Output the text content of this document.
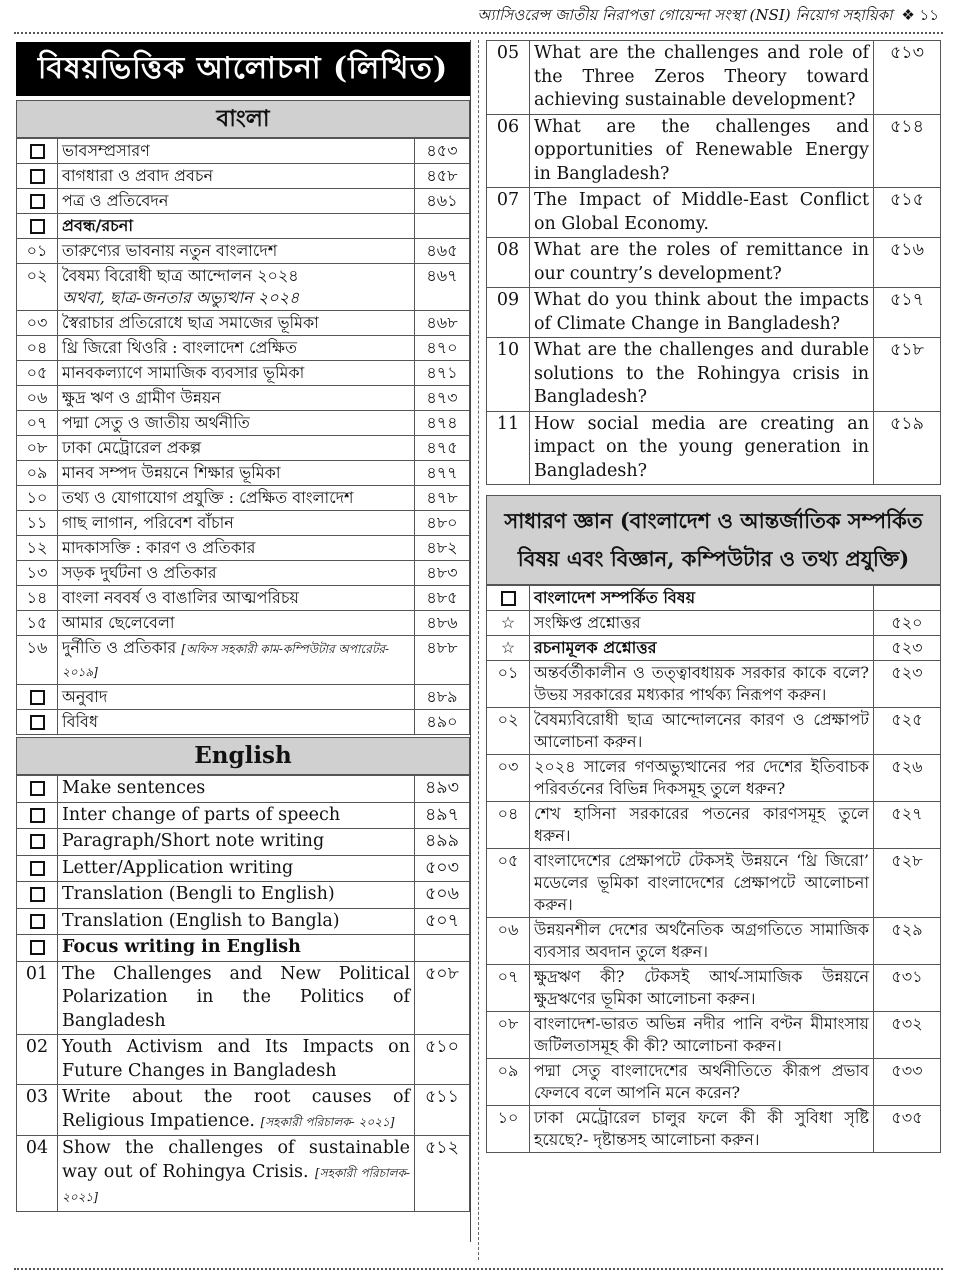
অ্যাসিওরেন্স জাতীয় নিরাপত্তা গোয়েন্দা সংস্থা (NSI) নিয়োগ সহায়িকা ❖ ১১
বিষয়ভিত্তিক আলোচনা (লিখিত)
বাংলা
	ভাবসম্প্রসারণ	৪৫৩
	বাগধারা ও প্রবাদ প্রবচন	৪৫৮
	পত্র ও প্রতিবেদন	৪৬১
	প্রবন্ধ/রচনা	
০১	তারুণ্যের ভাবনায় নতুন বাংলাদেশ	৪৬৫
০২	বৈষম্য বিরোধী ছাত্র আন্দোলন ২০২৪
অথবা, ছাত্র-জনতার অভ্যুত্থান ২০২৪	৪৬৭
০৩	স্বৈরাচার প্রতিরোধে ছাত্র সমাজের ভূমিকা	৪৬৮
০৪	থ্রি জিরো থিওরি : বাংলাদেশ প্রেক্ষিত	৪৭০
০৫	মানবকল্যাণে সামাজিক ব্যবসার ভূমিকা	৪৭১
০৬	ক্ষুদ্র ঋণ ও গ্রামীণ উন্নয়ন	৪৭৩
০৭	পদ্মা সেতু ও জাতীয় অর্থনীতি	৪৭৪
০৮	ঢাকা মেট্রোরেল প্রকল্প	৪৭৫
০৯	মানব সম্পদ উন্নয়নে শিক্ষার ভূমিকা	৪৭৭
১০	তথ্য ও যোগাযোগ প্রযুক্তি : প্রেক্ষিত বাংলাদেশ	৪৭৮
১১	গাছ লাগান, পরিবেশ বাঁচান	৪৮০
১২	মাদকাসক্তি : কারণ ও প্রতিকার	৪৮২
১৩	সড়ক দুর্ঘটনা ও প্রতিকার	৪৮৩
১৪	বাংলা নববর্ষ ও বাঙালির আত্মপরিচয়	৪৮৫
১৫	আমার ছেলেবেলা	৪৮৬
১৬	দুর্নীতি ও প্রতিকার [অফিস সহকারী কাম-কম্পিউটার অপারেটর- ২০১৯]	৪৮৮
	অনুবাদ	৪৮৯
	বিবিধ	৪৯০
English
	Make sentences	৪৯৩
	Inter change of parts of speech	৪৯৭
	Paragraph/Short note writing	৪৯৯
	Letter/Application writing	৫০৩
	Translation (Bengli to English)	৫০৬
	Translation (English to Bangla)	৫০৭
	Focus writing in English	
01	The Challenges and New Political Polarization in the Politics of Bangladesh	৫০৮
02	Youth Activism and Its Impacts on Future Changes in Bangladesh	৫১০
03	Write about the root causes of Religious Impatience. [সহকারী পরিচালক- ২০২১]	৫১১
04	Show the challenges of sustainable way out of Rohingya Crisis. [সহকারী পরিচালক- ২০২১]	৫১২
05	What are the challenges and role of the Three Zeros Theory toward achieving sustainable development?	৫১৩
06	What are the challenges and opportunities of Renewable Energy in Bangladesh?	৫১৪
07	The Impact of Middle-East Conflict on Global Economy.	৫১৫
08	What are the roles of remittance in our country’s development?	৫১৬
09	What do you think about the impacts of Climate Change in Bangladesh?	৫১৭
10	What are the challenges and durable solutions to the Rohingya crisis in Bangladesh?	৫১৮
11	How social media are creating an impact on the young generation in Bangladesh?	৫১৯
সাধারণ জ্ঞান (বাংলাদেশ ও আন্তর্জাতিক সম্পর্কিত বিষয় এবং বিজ্ঞান, কম্পিউটার ও তথ্য প্রযুক্তি)
	বাংলাদেশ সম্পর্কিত বিষয়	
☆	সংক্ষিপ্ত প্রশ্নোত্তর	৫২০
☆	রচনামূলক প্রশ্নোত্তর	৫২৩
০১	অন্তর্বর্তীকালীন ও তত্ত্বাবধায়ক সরকার কাকে বলে? উভয় সরকারের মধ্যকার পার্থক্য নিরূপণ করুন।	৫২৩
০২	বৈষম্যবিরোধী ছাত্র আন্দোলনের কারণ ও প্রেক্ষাপট আলোচনা করুন।	৫২৫
০৩	২০২৪ সালের গণঅভ্যুত্থানের পর দেশের ইতিবাচক পরিবর্তনের বিভিন্ন দিকসমূহ তুলে ধরুন?	৫২৬
০৪	শেখ হাসিনা সরকারের পতনের কারণসমূহ তুলে ধরুন।	৫২৭
০৫	বাংলাদেশের প্রেক্ষাপটে টেকসই উন্নয়নে ‘থ্রি জিরো’ মডেলের ভূমিকা বাংলাদেশের প্রেক্ষাপটে আলোচনা করুন।	৫২৮
০৬	উন্নয়নশীল দেশের অর্থনৈতিক অগ্রগতিতে সামাজিক ব্যবসার অবদান তুলে ধরুন।	৫২৯
০৭	ক্ষুদ্রঋণ কী? টেকসই আর্থ-সামাজিক উন্নয়নে ক্ষুদ্রঋণের ভূমিকা আলোচনা করুন।	৫৩১
০৮	বাংলাদেশ-ভারত অভিন্ন নদীর পানি বণ্টন মীমাংসায় জটিলতাসমূহ কী কী? আলোচনা করুন।	৫৩২
০৯	পদ্মা সেতু বাংলাদেশের অর্থনীতিতে কীরূপ প্রভাব ফেলবে বলে আপনি মনে করেন?	৫৩৩
১০	ঢাকা মেট্রোরেল চালুর ফলে কী কী সুবিধা সৃষ্টি হয়েছে?- দৃষ্টান্তসহ আলোচনা করুন।	৫৩৫
